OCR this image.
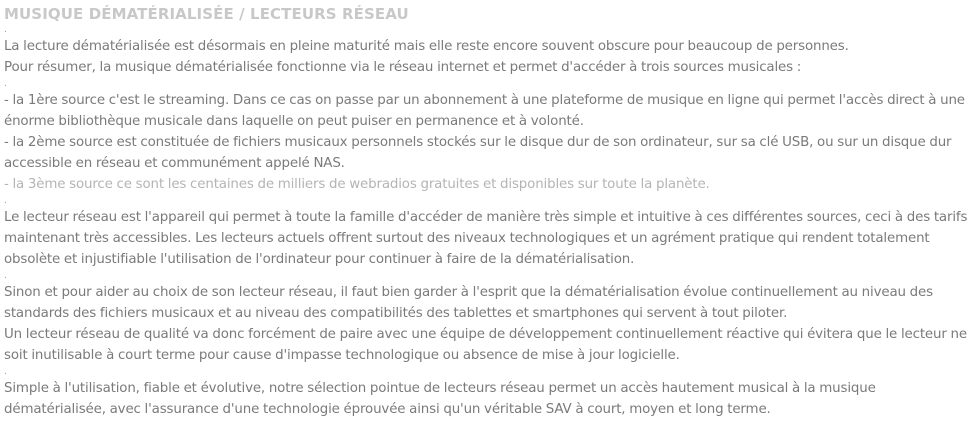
MUSIQUE DÉMATÉRIALISÉE / LECTEURS RÉSEAU

.

La lecture dématérialisée est désormais en pleine maturité mais elle reste encore souvent obscure pour beaucoup de personnes.

Pour résumer, la musique dématérialisée fonctionne via le réseau internet et permet d'accéder à trois sources musicales :

.

- la 1ère source c'est le streaming. Dans ce cas on passe par un abonnement à une plateforme de musique en ligne qui permet l'accès direct à une énorme bibliothèque musicale dans laquelle on peut puiser en permanence et à volonté.

- la 2ème source est constituée de fichiers musicaux personnels stockés sur le disque dur de son ordinateur, sur sa clé USB, ou sur un disque dur accessible en réseau et communément appelé NAS.

- la 3ème source ce sont les centaines de milliers de webradios gratuites et disponibles sur toute la planète.

.

Le lecteur réseau est l'appareil qui permet à toute la famille d'accéder de manière très simple et intuitive à ces différentes sources, ceci à des tarifs maintenant très accessibles. Les lecteurs actuels offrent surtout des niveaux technologiques et un agrément pratique qui rendent totalement obsolète et injustifiable l'utilisation de l'ordinateur pour continuer à faire de la dématérialisation.

.

Sinon et pour aider au choix de son lecteur réseau, il faut bien garder à l'esprit que la dématérialisation évolue continuellement au niveau des standards des fichiers musicaux et au niveau des compatibilités des tablettes et smartphones qui servent à tout piloter.

Un lecteur réseau de qualité va donc forcément de paire avec une équipe de développement continuellement réactive qui évitera que le lecteur ne soit inutilisable à court terme pour cause d'impasse technologique ou absence de mise à jour logicielle.

.

Simple à l'utilisation, fiable et évolutive, notre sélection pointue de lecteurs réseau permet un accès hautement musical à la musique dématérialisée, avec l'assurance d'une technologie éprouvée ainsi qu'un véritable SAV à court, moyen et long terme.
